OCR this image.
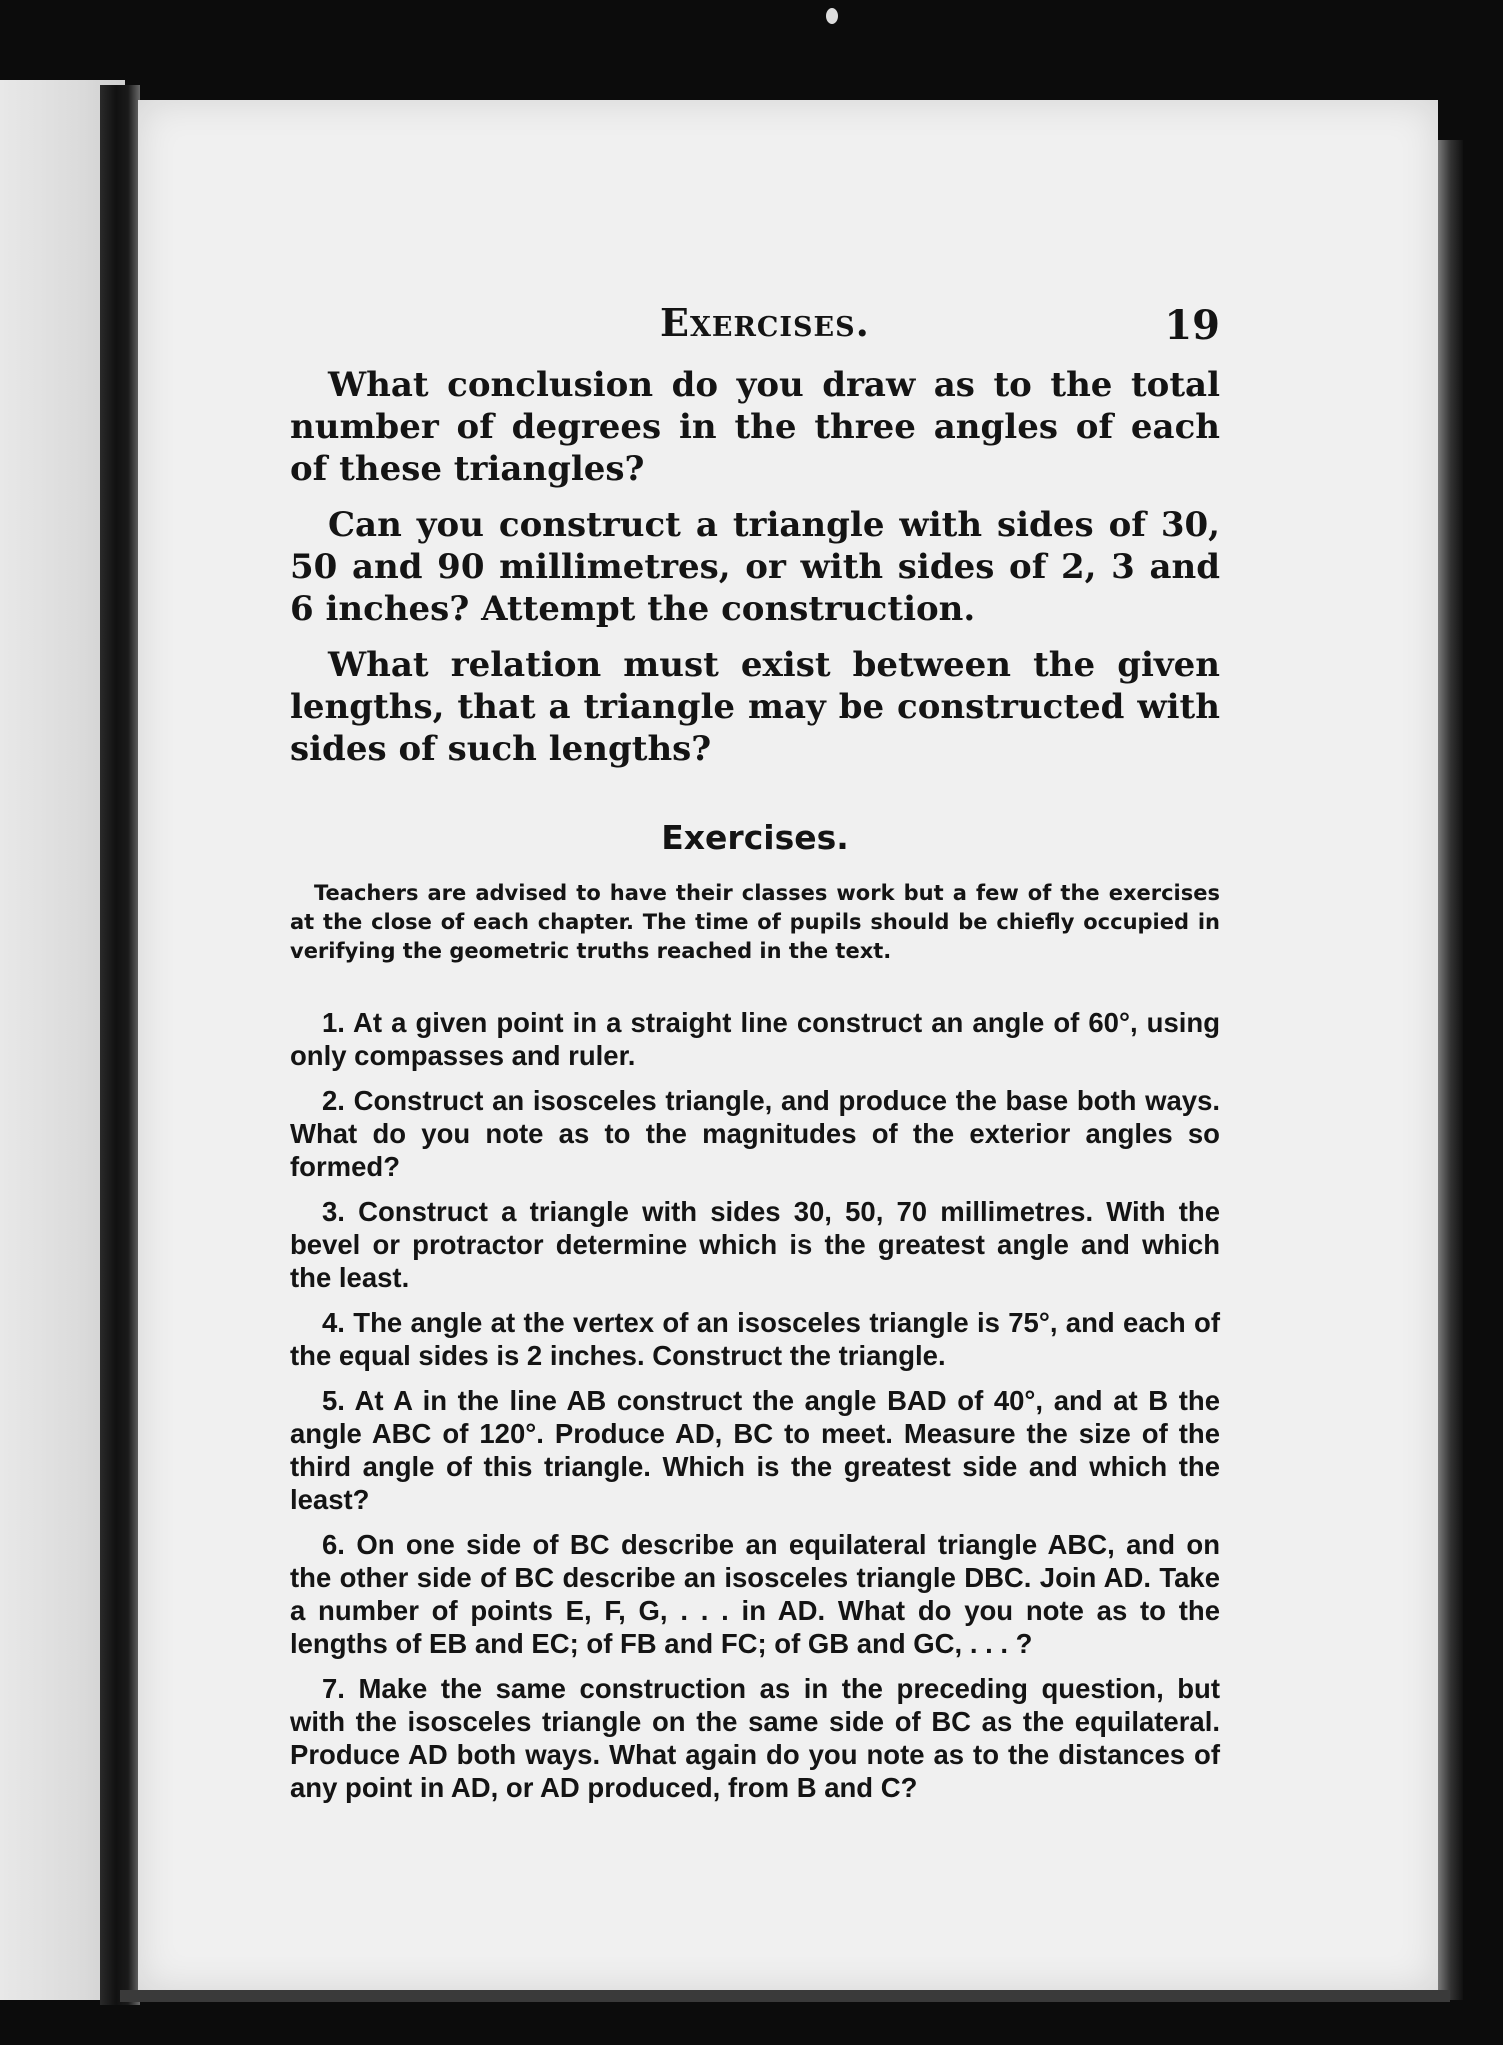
Exercises.	19

What conclusion do you draw as to the total number of degrees in the three angles of each of these triangles?

Can you construct a triangle with sides of 30, 50 and 90 millimetres, or with sides of 2, 3 and 6 inches? Attempt the construction.

What relation must exist between the given lengths, that a triangle may be constructed with sides of such lengths?

Exercises.

Teachers are advised to have their classes work but a few of the exercises at the close of each chapter. The time of pupils should be chiefly occupied in verifying the geometric truths reached in the text.

1. At a given point in a straight line construct an angle of 60°, using only compasses and ruler.

2. Construct an isosceles triangle, and produce the base both ways. What do you note as to the magnitudes of the exterior angles so formed?

3. Construct a triangle with sides 30, 50, 70 millimetres. With the bevel or protractor determine which is the greatest angle and which the least.

4. The angle at the vertex of an isosceles triangle is 75°, and each of the equal sides is 2 inches. Construct the triangle.

5. At A in the line AB construct the angle BAD of 40°, and at B the angle ABC of 120°. Produce AD, BC to meet. Measure the size of the third angle of this triangle. Which is the greatest side and which the least?

6. On one side of BC describe an equilateral triangle ABC, and on the other side of BC describe an isosceles triangle DBC. Join AD. Take a number of points E, F, G, . . . in AD. What do you note as to the lengths of EB and EC; of FB and FC; of GB and GC, . . . ?

7. Make the same construction as in the preceding question, but with the isosceles triangle on the same side of BC as the equilateral. Produce AD both ways. What again do you note as to the distances of any point in AD, or AD produced, from B and C?
